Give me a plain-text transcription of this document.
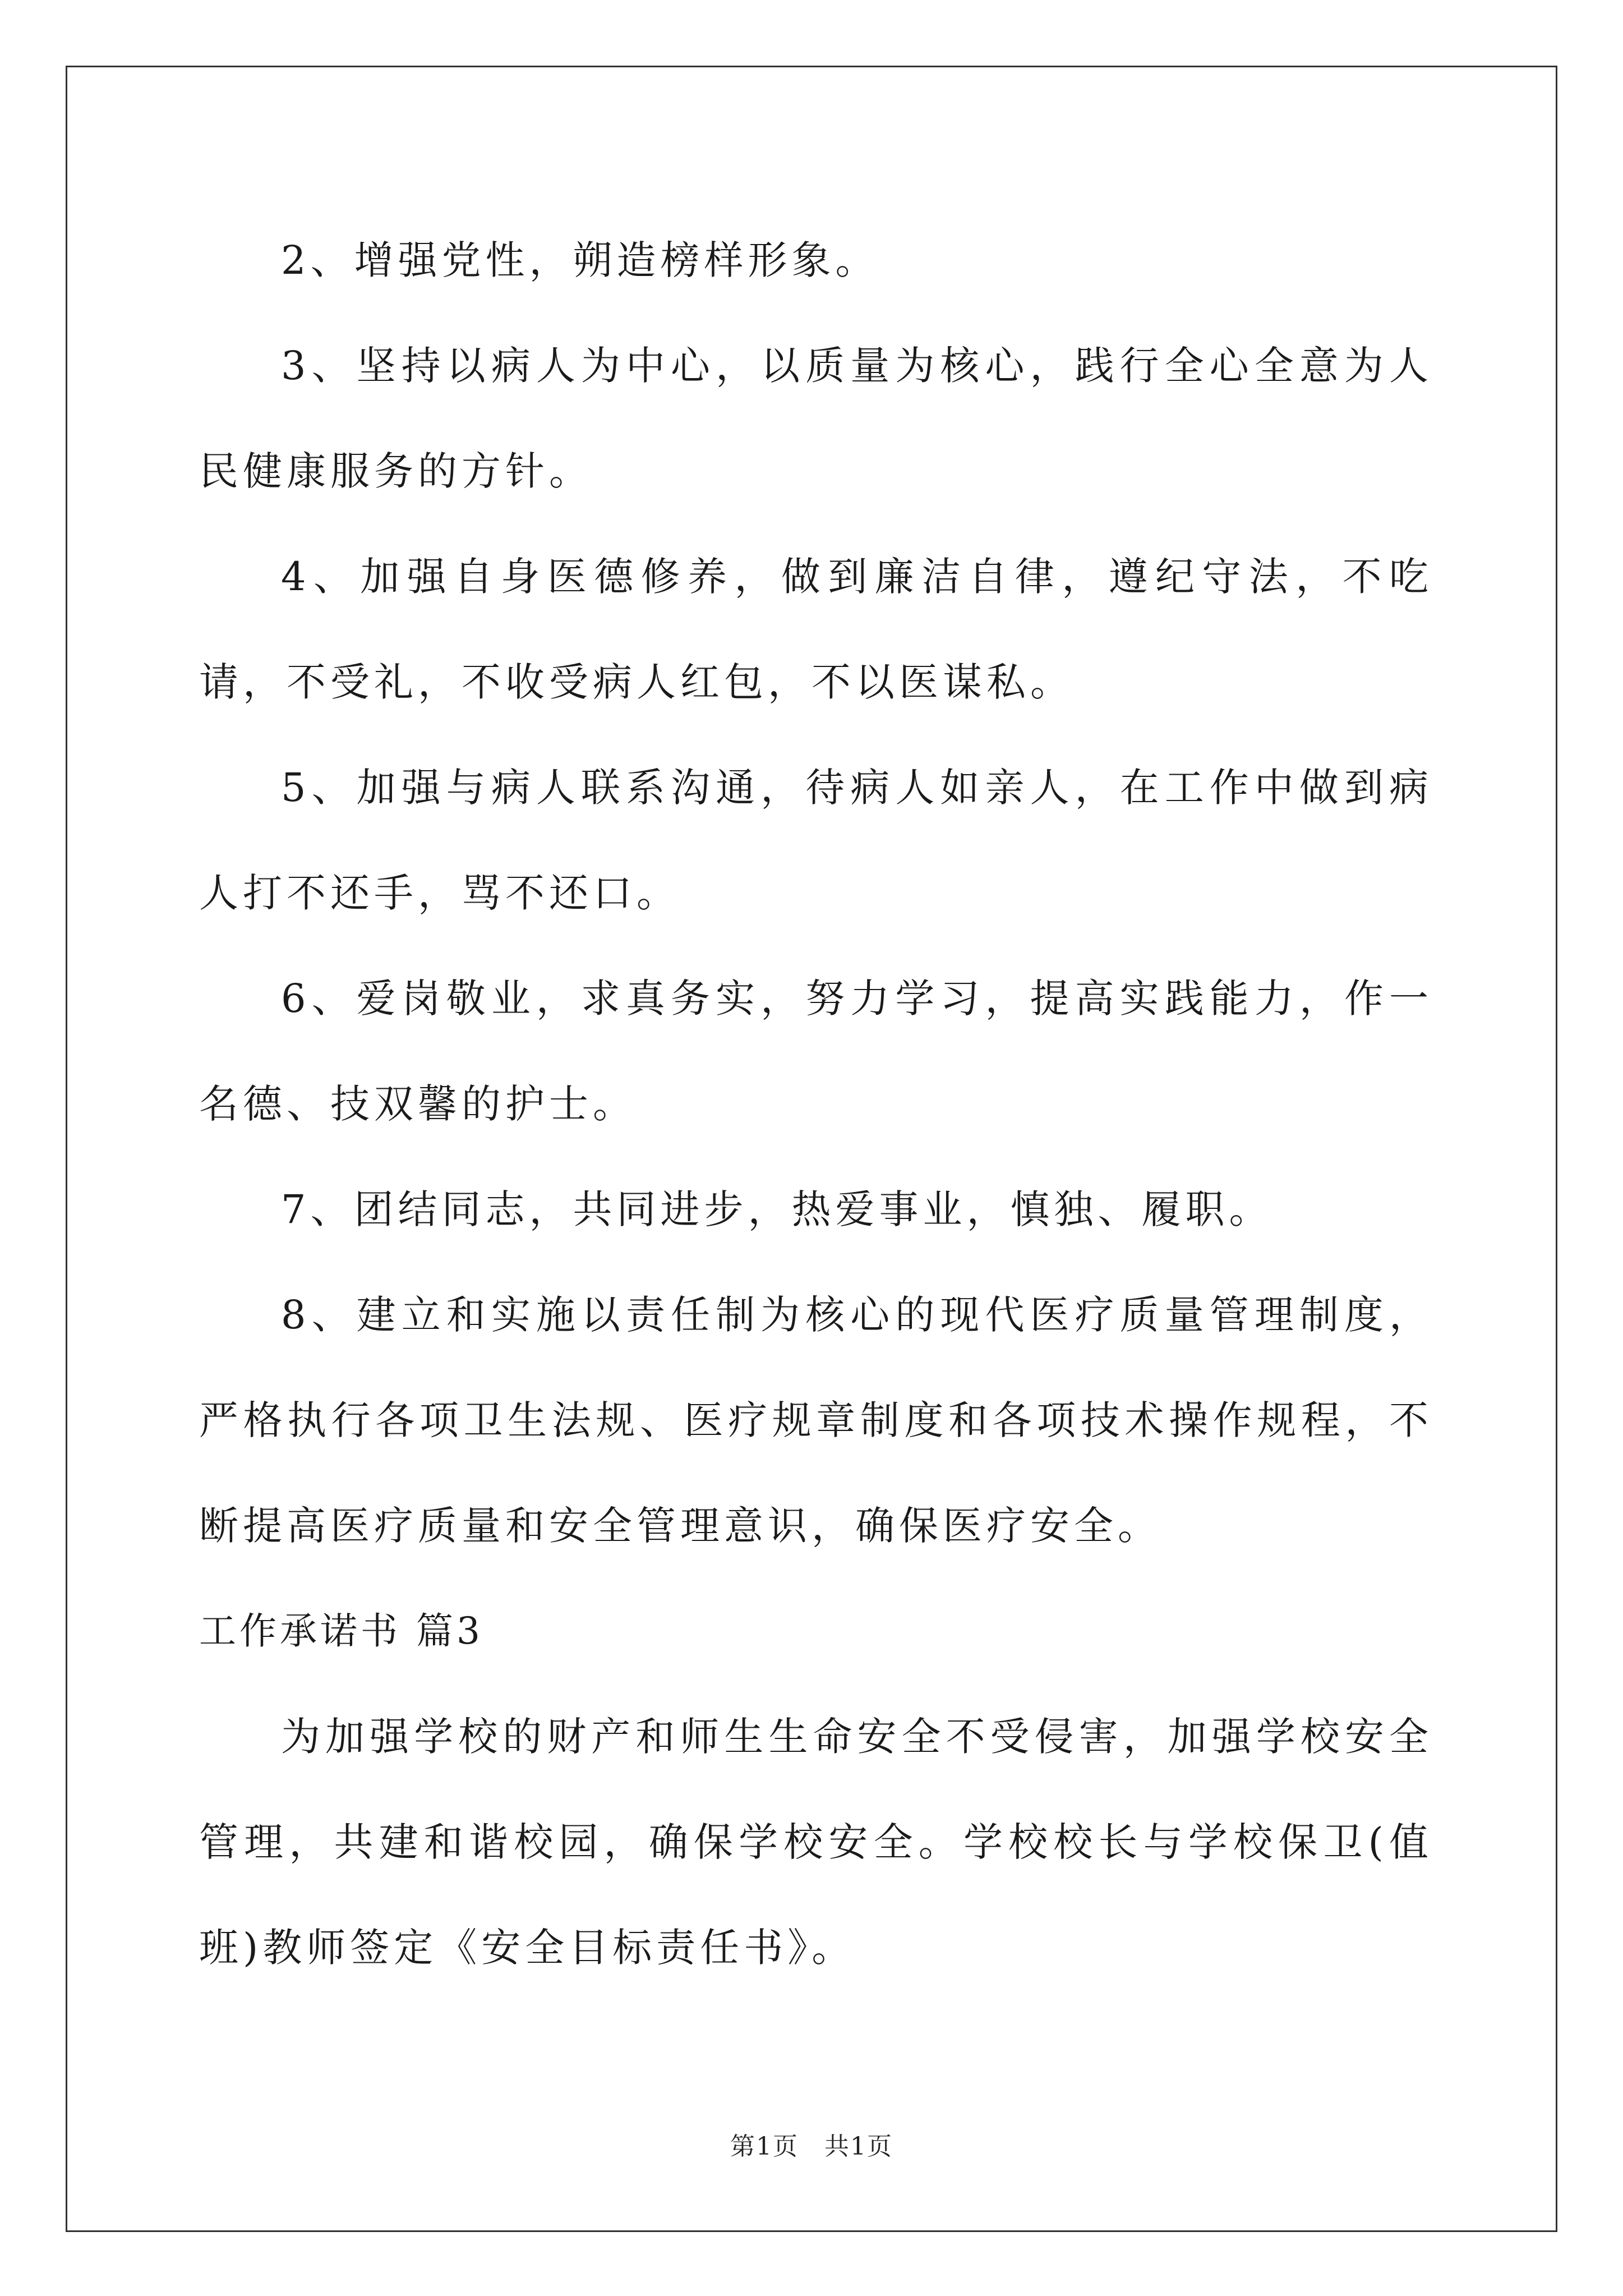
2、增强党性，朔造榜样形象。

3、坚持以病人为中心，以质量为核心，践行全心全意为人民健康服务的方针。

4、加强自身医德修养，做到廉洁自律，遵纪守法，不吃请，不受礼，不收受病人红包，不以医谋私。

5、加强与病人联系沟通，待病人如亲人，在工作中做到病人打不还手，骂不还口。

6、爱岗敬业，求真务实，努力学习，提高实践能力，作一名德、技双馨的护士。

7、团结同志，共同进步，热爱事业，慎独、履职。

8、建立和实施以责任制为核心的现代医疗质量管理制度，严格执行各项卫生法规、医疗规章制度和各项技术操作规程，不断提高医疗质量和安全管理意识，确保医疗安全。

工作承诺书 篇3

为加强学校的财产和师生生命安全不受侵害，加强学校安全管理，共建和谐校园，确保学校安全。学校校长与学校保卫(值班)教师签定《安全目标责任书》。

第1页　共1页
